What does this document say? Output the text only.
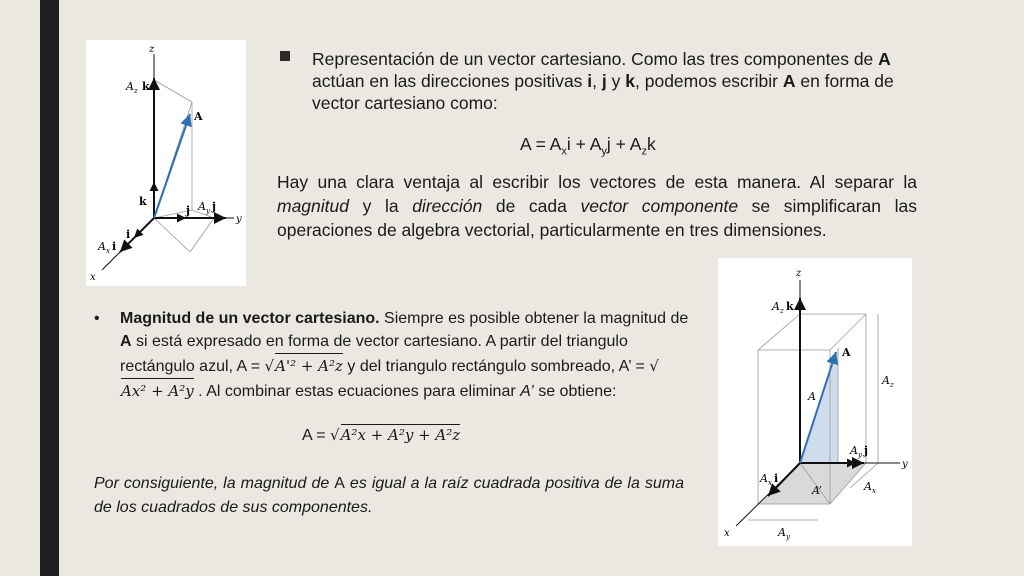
z
y
x
A z k
A
k
j A y j
i
A x i
Representación de un vector cartesiano. Como las tres componentes de A actúan en las direcciones positivas i, j y k, podemos escribir A en forma de vector cartesiano como:
$A = A_xi + A_yj + A_zk$
Hay una clara ventaja al escribir los vectores de esta manera. Al separar la magnitud y la dirección de cada vector componente se simplificaran las operaciones de algebra vectorial, particularmente en tres dimensiones.
• Magnitud de un vector cartesiano. Siempre es posible obtener la magnitud de A si está expresado en forma de vector cartesiano. A partir del triangulo rectángulo azul, A = √A'² + A²z y del triangulo rectángulo sombreado, A’ = √Ax² + A²y . Al combinar estas ecuaciones para eliminar A’ se obtiene:
A = √A²x + A²y + A²z
Por consiguiente, la magnitud de A es igual a la raíz cuadrada positiva de la suma de los cuadrados de sus componentes.
z
y
x
A z k
A
A
A z
A y j
A x i
A’	A x
A y
